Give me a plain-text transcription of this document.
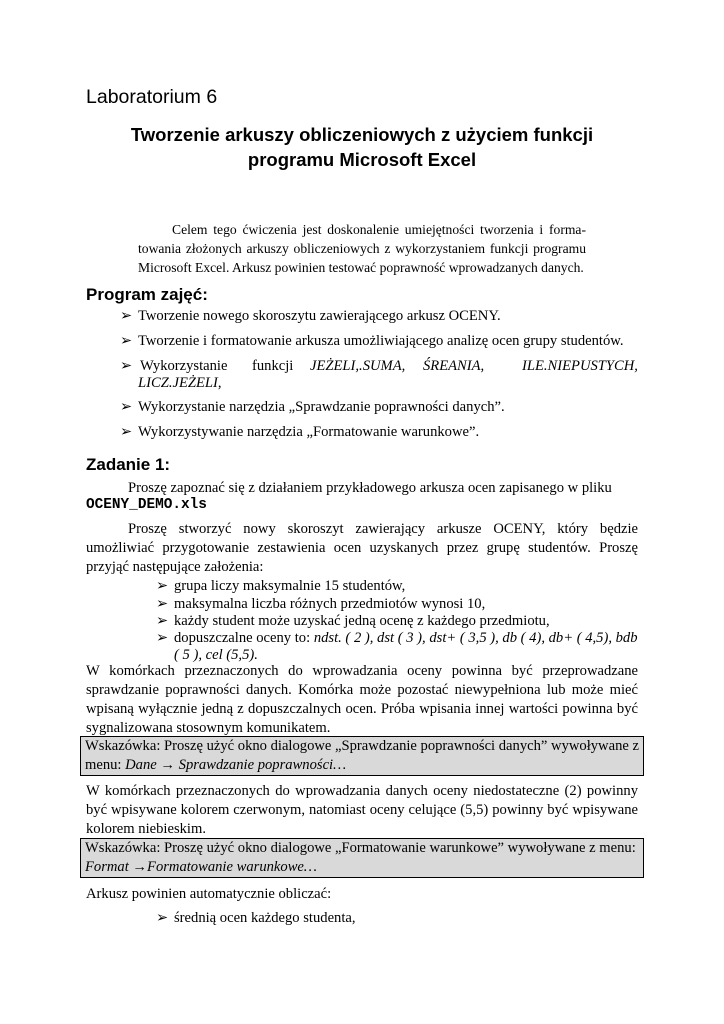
Laboratorium 6
Tworzenie arkuszy obliczeniowych z użyciem funkcji
programu Microsoft Excel
Celem tego ćwiczenia jest doskonalenie umiejętności tworzenia i forma-towania złożonych arkuszy obliczeniowych z wykorzystaniem funkcji programu Microsoft Excel. Arkusz powinien testować poprawność wprowadzanych danych.
Program zajęć:
➢ Tworzenie nowego skoroszytu zawierającego arkusz OCENY.
➢ Tworzenie i formatowanie arkusza umożliwiającego analizę ocen grupy studentów.
➢ Wykorzystanie funkcji JEŻELI,.SUMA, ŚREANIA,	ILE.NIEPUSTYCH,
LICZ.JEŻELI,
➢ Wykorzystanie narzędzia „Sprawdzanie poprawności danych”.
➢ Wykorzystywanie narzędzia „Formatowanie warunkowe”.
Zadanie 1:
Proszę zapoznać się z działaniem przykładowego arkusza ocen zapisanego w pliku
OCENY_DEMO.xls
Proszę stworzyć nowy skoroszyt zawierający arkusze OCENY, który będzie umożliwiać przygotowanie zestawienia ocen uzyskanych przez grupę studentów. Proszę przyjąć następujące założenia:
➢ grupa liczy maksymalnie 15 studentów,
➢ maksymalna liczba różnych przedmiotów wynosi 10,
➢ każdy student może uzyskać jedną ocenę z każdego przedmiotu,
➢ dopuszczalne oceny to: ndst. ( 2 ), dst ( 3 ), dst+ ( 3,5 ), db ( 4), db+ ( 4,5), bdb
( 5 ), cel (5,5).
W komórkach przeznaczonych do wprowadzania oceny powinna być przeprowadzane sprawdzanie poprawności danych. Komórka może pozostać niewypełniona lub może mieć wpisaną wyłącznie jedną z dopuszczalnych ocen. Próba wpisania innej wartości powinna być sygnalizowana stosownym komunikatem.
Wskazówka: Proszę użyć okno dialogowe „Sprawdzanie poprawności danych” wywoływane z menu: Dane → Sprawdzanie poprawności…
W komórkach przeznaczonych do wprowadzania danych oceny niedostateczne (2) powinny być wpisywane kolorem czerwonym, natomiast oceny celujące (5,5) powinny być wpisywane kolorem niebieskim.
Wskazówka: Proszę użyć okno dialogowe „Formatowanie warunkowe” wywoływane z menu: Format →Formatowanie warunkowe…
Arkusz powinien automatycznie obliczać:
➢ średnią ocen każdego studenta,
